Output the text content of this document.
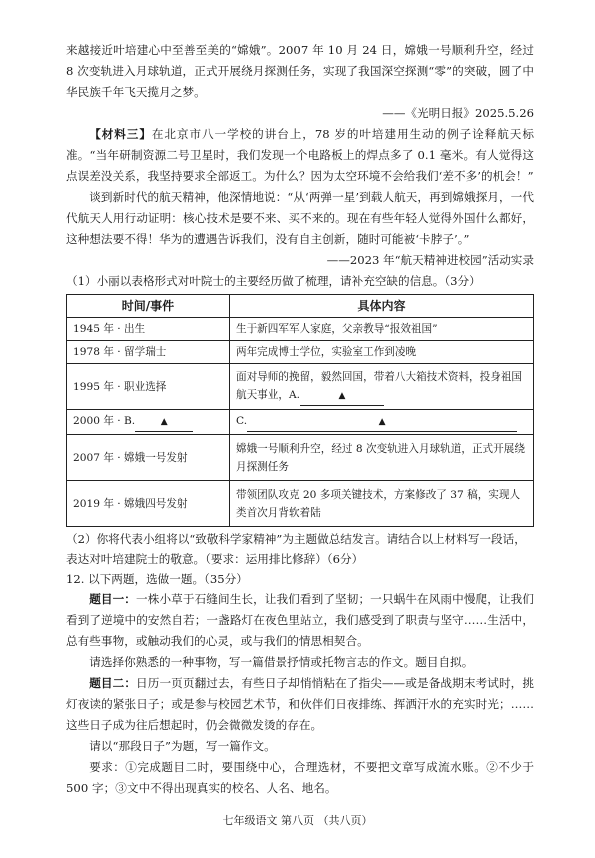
来越接近叶培建心中至善至美的“嫦娥”。2007 年 10 月 24 日，嫦娥一号顺利升空，经过 8 次变轨进入月球轨道，正式开展绕月探测任务，实现了我国深空探测“零”的突破，圆了中华民族千年飞天揽月之梦。

——《光明日报》2025.5.26

【材料三】在北京市八一学校的讲台上，78 岁的叶培建用生动的例子诠释航天标准。“当年研制资源二号卫星时，我们发现一个电路板上的焊点多了 0.1 毫米。有人觉得这点误差没关系，我坚持要求全部返工。为什么？因为太空环境不会给我们‘差不多’的机会！”

谈到新时代的航天精神，他深情地说：“从‘两弹一星’到载人航天，再到嫦娥探月，一代代航天人用行动证明：核心技术是要不来、买不来的。现在有些年轻人觉得外国什么都好，这种想法要不得！华为的遭遇告诉我们，没有自主创新，随时可能被‘卡脖子’。”

——2023 年“航天精神进校园”活动实录

（1）小丽以表格形式对叶院士的主要经历做了梳理，请补充空缺的信息。（3分）

时间/事件	具体内容
1945 年 · 出生	生于新四军军人家庭，父亲教导“报效祖国”
1978 年 · 留学瑞士	两年完成博士学位，实验室工作到凌晚
1995 年 · 职业选择	面对导师的挽留，毅然回国，带着八大箱技术资料，投身祖国航天事业，A. ▲
2000 年 · B. ▲	C. ▲
2007 年 · 嫦娥一号发射	嫦娥一号顺利升空，经过 8 次变轨进入月球轨道，正式开展绕月探测任务
2019 年 · 嫦娥四号发射	带领团队攻克 20 多项关键技术，方案修改了 37 稿，实现人类首次月背软着陆

（2）你将代表小组将以“致敬科学家精神”为主题做总结发言。请结合以上材料写一段话，表达对叶培建院士的敬意。（要求：运用排比修辞）（6分）

12. 以下两题，选做一题。（35分）

题目一：一株小草于石缝间生长，让我们看到了坚韧；一只蜗牛在风雨中慢爬，让我们看到了逆境中的安然自若；一盏路灯在夜色里站立，我们感受到了职责与坚守……生活中，总有些事物，或触动我们的心灵，或与我们的情思相契合。

请选择你熟悉的一种事物，写一篇借景抒情或托物言志的作文。题目自拟。

题目二：日历一页页翻过去，有些日子却悄悄粘在了指尖——或是备战期末考试时，挑灯夜读的紧张日子；或是参与校园艺术节，和伙伴们日夜排练、挥洒汗水的充实时光；……这些日子成为往后想起时，仍会微微发烫的存在。

请以“那段日子”为题，写一篇作文。

要求：①完成题目二时，要围绕中心，合理选材，不要把文章写成流水账。②不少于 500 字；③文中不得出现真实的校名、人名、地名。

七年级语文 第八页 （共八页）
